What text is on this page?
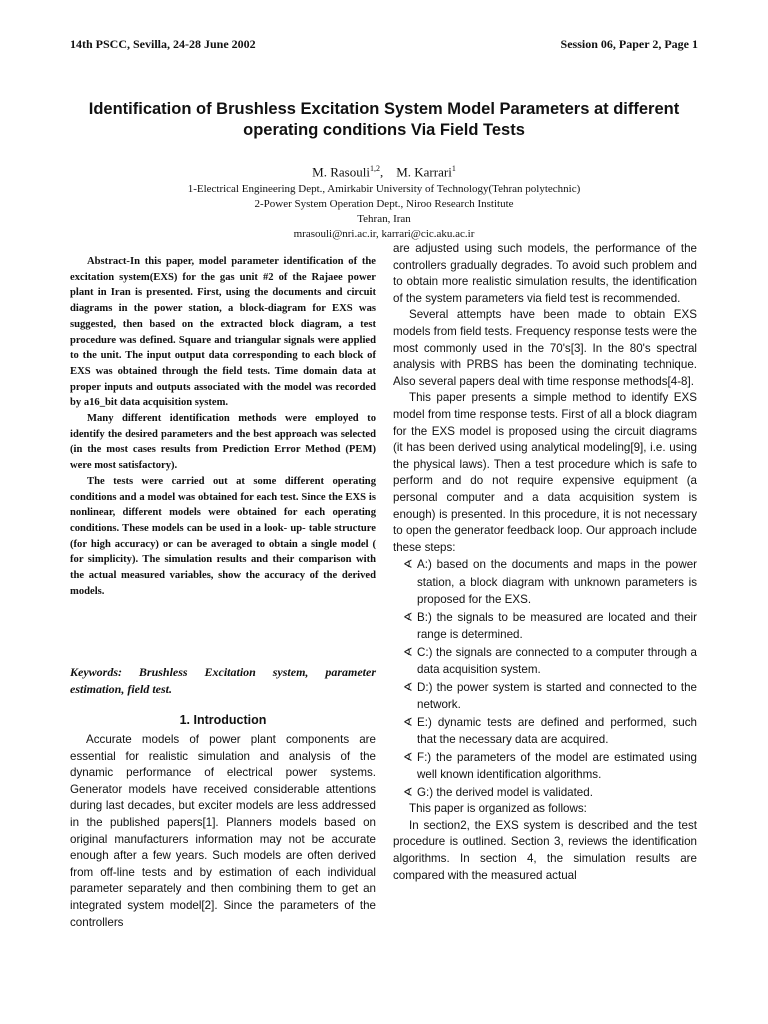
14th PSCC, Sevilla, 24-28 June 2002	Session 06, Paper 2, Page 1
Identification of Brushless Excitation System Model Parameters at different operating conditions Via Field Tests
M. Rasouli$^{1,2}$,    M. Karrari$^1$
1-Electrical Engineering Dept., Amirkabir University of Technology(Tehran polytechnic)
2-Power System Operation Dept., Niroo Research Institute
Tehran, Iran
mrasouli@nri.ac.ir, karrari@cic.aku.ac.ir

Abstract-In this paper, model parameter identification of the excitation system(EXS) for the gas unit #2 of the Rajaee power plant in Iran is presented. First, using the documents and circuit diagrams in the power station, a block-diagram for EXS was suggested, then based on the extracted block diagram, a test procedure was defined. Square and triangular signals were applied to the unit. The input output data corresponding to each block of EXS was obtained through the field tests. Time domain data at proper inputs and outputs associated with the model was recorded by a16_bit data acquisition system.

Many different identification methods were employed to identify the desired parameters and the best approach was selected (in the most cases results from Prediction Error Method (PEM) were most satisfactory).

The tests were carried out at some different operating conditions and a model was obtained for each test. Since the EXS is nonlinear, different models were obtained for each operating conditions. These models can be used in a look- up- table structure (for high accuracy) or can be averaged to obtain a single model ( for simplicity). The simulation results and their comparison with the actual measured variables, show the accuracy of the derived models.

Keywords: Brushless Excitation system, parameter estimation, field test.

1. Introduction

Accurate models of power plant components are essential for realistic simulation and analysis of the dynamic performance of electrical power systems. Generator models have received considerable attentions during last decades, but exciter models are less addressed in the published papers[1]. Planners models based on original manufacturers information may not be accurate enough after a few years. Such models are often derived from off-line tests and by estimation of each individual parameter separately and then combining them to get an integrated system model[2]. Since the parameters of the controllers

are adjusted using such models, the performance of the controllers gradually degrades. To avoid such problem and to obtain more realistic simulation results, the identification of the system parameters via field test is recommended.

Several attempts have been made to obtain EXS models from field tests. Frequency response tests were the most commonly used in the 70's[3]. In the 80's spectral analysis with PRBS has been the dominating technique. Also several papers deal with time response methods[4-8].

This paper presents a simple method to identify EXS model from time response tests. First of all a block diagram for the EXS model is proposed using the circuit diagrams (it has been derived using analytical modeling[9], i.e. using the physical laws). Then a test procedure which is safe to perform and do not require expensive equipment (a personal computer and a data acquisition system is enough) is presented. In this procedure, it is not necessary to open the generator feedback loop. Our approach include these steps:

∢ A:) based on the documents and maps in the power station, a block diagram with unknown parameters is proposed for the EXS.
∢ B:) the signals to be measured are located and their range is determined.
∢ C:) the signals are connected to a computer through a data acquisition system.
∢ D:) the power system is started and connected to the network.
∢ E:) dynamic tests are defined and performed, such that the necessary data are acquired.
∢ F:) the parameters of the model are estimated using well known identification algorithms.
∢ G:) the derived model is validated.

This paper is organized as follows:

In section2, the EXS system is described and the test procedure is outlined. Section 3, reviews the identification algorithms. In section 4, the simulation results are compared with the measured actual
